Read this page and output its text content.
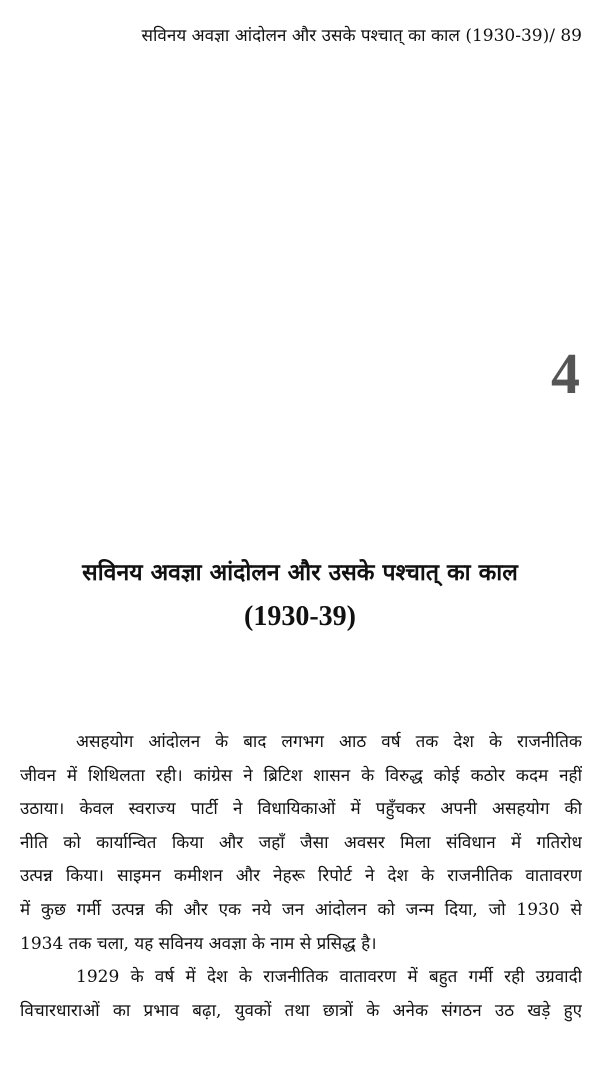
सविनय अवज्ञा आंदोलन और उसके पश्चात् का काल (1930-39)/ 89
4
सविनय अवज्ञा आंदोलन और उसके पश्चात् का काल
(1930-39)
असहयोग आंदोलन के बाद लगभग आठ वर्ष तक देश के राजनीतिक
जीवन में शिथिलता रही। कांग्रेस ने ब्रिटिश शासन के विरुद्ध कोई कठोर कदम नहीं
उठाया। केवल स्वराज्य पार्टी ने विधायिकाओं में पहुँचकर अपनी असहयोग की
नीति को कार्यान्वित किया और जहाँ जैसा अवसर मिला संविधान में गतिरोध
उत्पन्न किया। साइमन कमीशन और नेहरू रिपोर्ट ने देश के राजनीतिक वातावरण
में कुछ गर्मी उत्पन्न की और एक नये जन आंदोलन को जन्म दिया, जो 1930 से
1934 तक चला, यह सविनय अवज्ञा के नाम से प्रसिद्ध है।
1929 के वर्ष में देश के राजनीतिक वातावरण में बहुत गर्मी रही उग्रवादी
विचारधाराओं का प्रभाव बढ़ा, युवकों तथा छात्रों के अनेक संगठन उठ खड़े हुए
